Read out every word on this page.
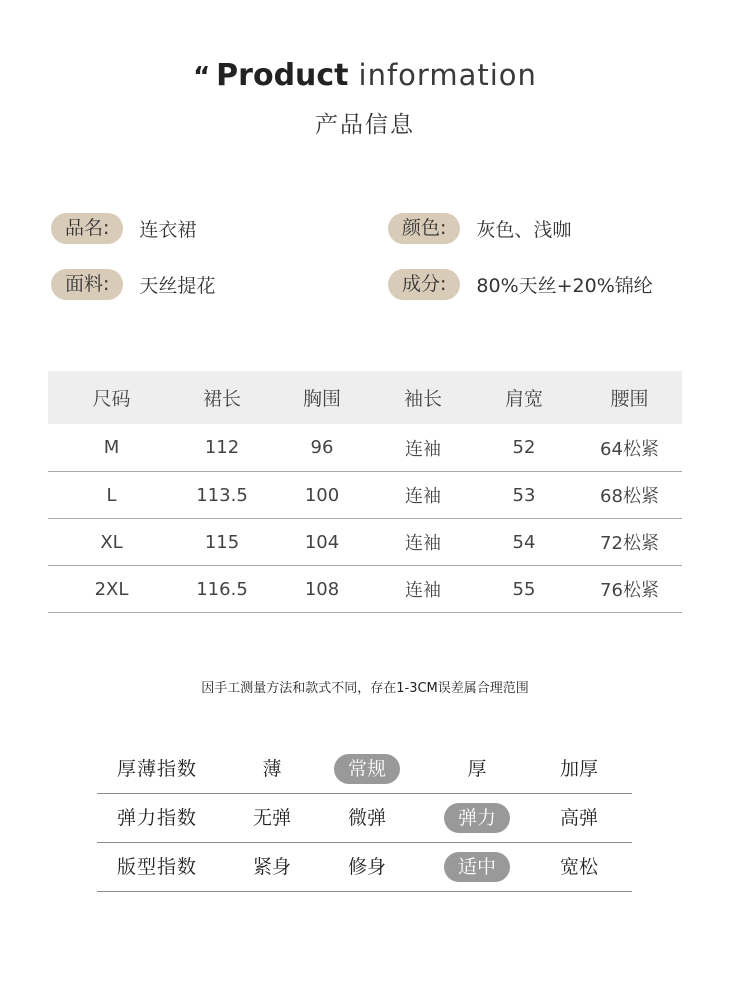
“ Product information
产品信息
品名:	连衣裙	颜色:	灰色、浅咖
面料:	天丝提花	成分:	80%天丝+20%锦纶
尺码	裙长	胸围	袖长	肩宽	腰围
M	112	96	连袖	52	64松紧
L	113.5	100	连袖	53	68松紧
XL	115	104	连袖	54	72松紧
2XL	116.5	108	连袖	55	76松紧
因手工测量方法和款式不同，存在1-3CM误差属合理范围
厚薄指数	薄	常规	厚	加厚
弹力指数	无弹	微弹	弹力	高弹
版型指数	紧身	修身	适中	宽松
